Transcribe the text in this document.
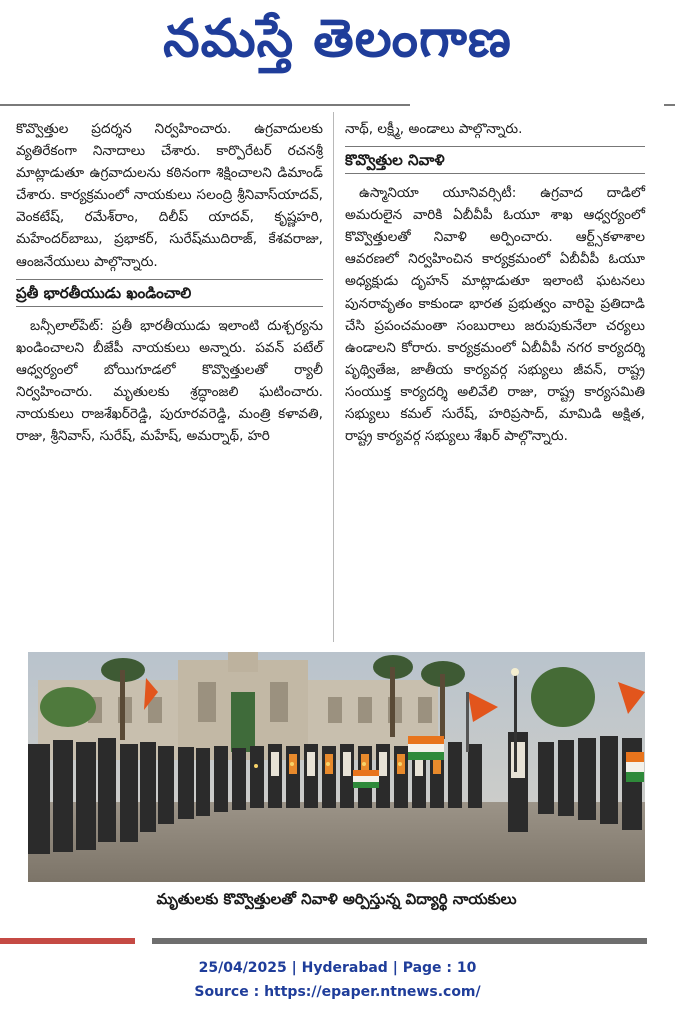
నమస్తే తెలంగాణ

కొవ్వొత్తుల ప్రదర్శన నిర్వహించారు. ఉగ్రవాదులకు వ్యతిరేకంగా నినాదాలు చేశారు. కార్పొరేటర్ రచనశ్రీ మాట్లాడుతూ ఉగ్రవాదులను కఠినంగా శిక్షించాలని డిమాండ్ చేశారు. కార్యక్రమంలో నాయకులు సలంద్రి శ్రీనివాస్‌యాదవ్, వెంకటేష్, రమేశ్‌రాం, దిలీప్ యాదవ్, కృష్ణహరి, మహేందర్‌బాబు, ప్రభాకర్, సురేష్‌ముదిరాజ్, కేశవరాజు, ఆంజనేయులు పాల్గొన్నారు.

ప్రతీ భారతీయుడు ఖండించాలి

బన్సీలాల్‌పేట్: ప్రతీ భారతీయుడు ఇలాంటి దుశ్చర్యను ఖండించాలని బీజేపీ నాయకులు అన్నారు. పవన్ పటేల్ ఆధ్వర్యంలో బోయిగూడలో కొవ్వొత్తులతో ర్యాలీ నిర్వహించారు. మృతులకు శ్రద్ధాంజలి ఘటించారు. నాయకులు రాజశేఖర్‌రెడ్డి, పురూరవరెడ్డి, మంత్రి కళావతి, రాజు, శ్రీనివాస్, సురేష్, మహేష్, అమర్నాథ్, హరి

నాథ్, లక్ష్మీ, అండాలు పాల్గొన్నారు.

కొవ్వొత్తుల నివాళి

ఉస్మానియా యూనివర్సిటీ: ఉగ్రవాద దాడిలో అమరులైన వారికి ఏబీవీపీ ఓయూ శాఖ ఆధ్వర్యంలో కొవ్వొత్తులతో నివాళి అర్పించారు. ఆర్ట్స్‌కళాశాల ఆవరణలో నిర్వహించిన కార్యక్రమంలో ఏబీవీపీ ఓయూ అధ్యక్షుడు దృహన్ మాట్లాడుతూ ఇలాంటి ఘటనలు పునరావృతం కాకుండా భారత ప్రభుత్వం వారిపై ప్రతిదాడి చేసి ప్రపంచమంతా సంబురాలు జరుపుకునేలా చర్యలు ఉండాలని కోరారు. కార్యక్రమంలో ఏబీవీపీ నగర కార్యదర్శి పృథ్వితేజ, జాతీయ కార్యవర్గ సభ్యులు జీవన్, రాష్ట్ర సంయుక్త కార్యదర్శి అలివేలి రాజు, రాష్ట్ర కార్యసమితి సభ్యులు కమల్ సురేష్, హరిప్రసాద్, మామిడి అక్షిత, రాష్ట్ర కార్యవర్గ సభ్యులు శేఖర్ పాల్గొన్నారు.

మృతులకు కొవ్వొత్తులతో నివాళి అర్పిస్తున్న విద్యార్థి నాయకులు
25/04/2025 | Hyderabad | Page : 10
Source : https://epaper.ntnews.com/
